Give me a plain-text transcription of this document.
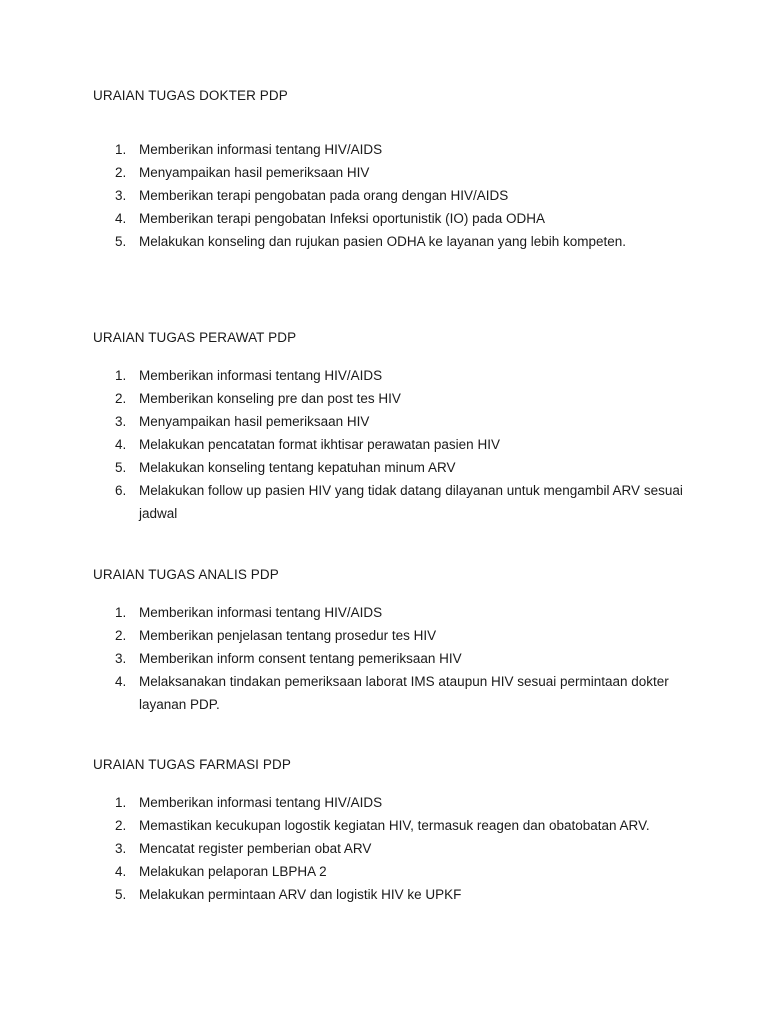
URAIAN TUGAS DOKTER PDP
1. Memberikan informasi tentang HIV/AIDS
2. Menyampaikan hasil pemeriksaan HIV
3. Memberikan terapi pengobatan pada orang dengan HIV/AIDS
4. Memberikan terapi pengobatan Infeksi oportunistik (IO) pada ODHA
5. Melakukan konseling dan rujukan pasien ODHA ke layanan yang lebih kompeten.
URAIAN TUGAS PERAWAT PDP
1. Memberikan informasi tentang HIV/AIDS
2. Memberikan konseling pre dan post tes HIV
3. Menyampaikan hasil pemeriksaan HIV
4. Melakukan pencatatan format ikhtisar perawatan pasien HIV
5. Melakukan konseling tentang kepatuhan minum ARV
6. Melakukan follow up pasien HIV yang tidak datang dilayanan untuk mengambil ARV sesuai jadwal
URAIAN TUGAS ANALIS PDP
1. Memberikan informasi tentang HIV/AIDS
2. Memberikan penjelasan tentang prosedur tes HIV
3. Memberikan inform consent tentang pemeriksaan HIV
4. Melaksanakan tindakan pemeriksaan laborat IMS ataupun HIV sesuai permintaan dokter layanan PDP.
URAIAN TUGAS FARMASI PDP
1. Memberikan informasi tentang HIV/AIDS
2. Memastikan kecukupan logostik kegiatan HIV, termasuk reagen dan obatobatan ARV.
3. Mencatat register pemberian obat ARV
4. Melakukan pelaporan LBPHA 2
5. Melakukan permintaan ARV dan logistik HIV ke UPKF
